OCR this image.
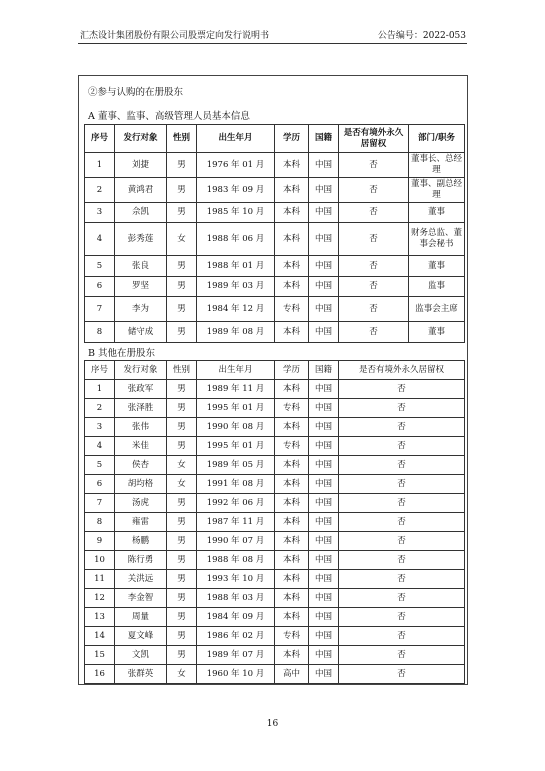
汇杰设计集团股份有限公司股票定向发行说明书	公告编号：2022-053
②参与认购的在册股东
A 董事、监事、高级管理人员基本信息
序号	发行对象	性别	出生年月	学历	国籍	是否有境外永久居留权	部门/职务
1	刘捷	男	1976 年 01 月	本科	中国	否	董事长、总经理
2	黄鸿君	男	1983 年 09 月	本科	中国	否	董事、副总经理
3	佘凯	男	1985 年 10 月	本科	中国	否	董事
4	彭秀莲	女	1988 年 06 月	本科	中国	否	财务总监、董事会秘书
5	张良	男	1988 年 01 月	本科	中国	否	董事
6	罗坚	男	1989 年 03 月	本科	中国	否	监事
7	李为	男	1984 年 12 月	专科	中国	否	监事会主席
8	储守成	男	1989 年 08 月	本科	中国	否	董事
B 其他在册股东
序号	发行对象	性别	出生年月	学历	国籍	是否有境外永久居留权
1	张政军	男	1989 年 11 月	本科	中国	否
2	张泽胜	男	1995 年 01 月	专科	中国	否
3	张伟	男	1990 年 08 月	本科	中国	否
4	米佳	男	1995 年 01 月	专科	中国	否
5	侯杏	女	1989 年 05 月	本科	中国	否
6	胡均格	女	1991 年 08 月	本科	中国	否
7	汤虎	男	1992 年 06 月	本科	中国	否
8	雍雷	男	1987 年 11 月	本科	中国	否
9	杨鹏	男	1990 年 07 月	本科	中国	否
10	陈行勇	男	1988 年 08 月	本科	中国	否
11	关洪远	男	1993 年 10 月	本科	中国	否
12	李金智	男	1988 年 03 月	本科	中国	否
13	周量	男	1984 年 09 月	本科	中国	否
14	夏文峰	男	1986 年 02 月	专科	中国	否
15	文凯	男	1989 年 07 月	本科	中国	否
16	张群英	女	1960 年 10 月	高中	中国	否
16
